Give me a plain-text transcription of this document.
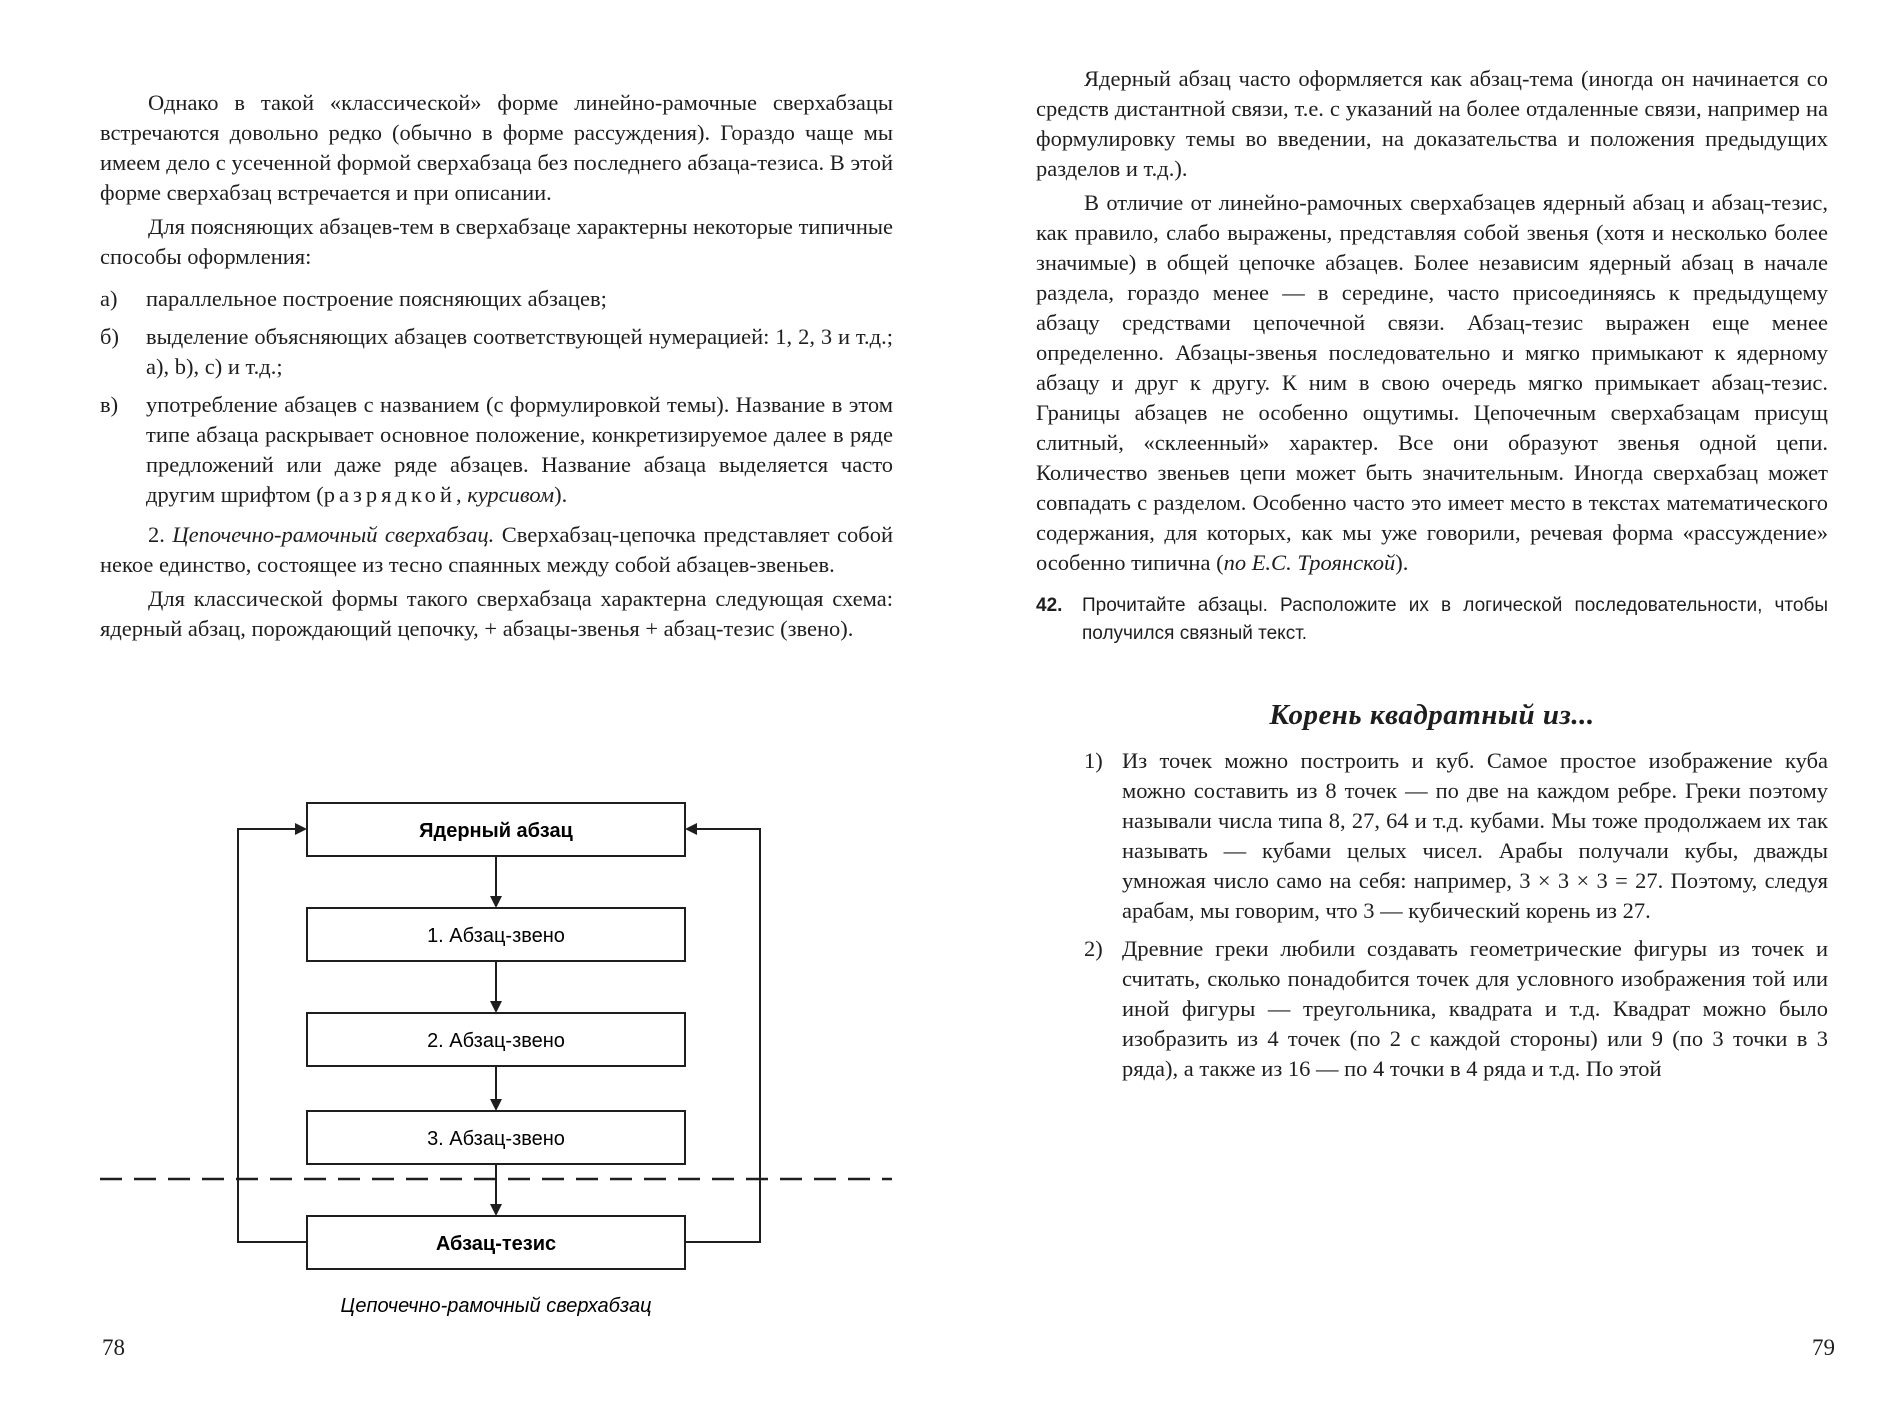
Однако в такой «классической» форме линейно-рамочные сверхабзацы встречаются довольно редко (обычно в форме рассуждения). Гораздо чаще мы имеем дело с усеченной формой сверхабзаца без последнего абзаца-тезиса. В этой форме сверхабзац встречается и при описании.

Для поясняющих абзацев-тем в сверхабзаце характерны некоторые типичные способы оформления:

а) параллельное построение поясняющих абзацев;
б) выделение объясняющих абзацев соответствующей нумерацией: 1, 2, 3 и т.д.; а), b), с) и т.д.;
в) употребление абзацев с названием (с формулировкой темы). Название в этом типе абзаца раскрывает основное положение, конкретизируемое далее в ряде предложений или даже ряде абзацев. Название абзаца выделяется часто другим шрифтом (разрядкой, курсивом).

2. Цепочечно-рамочный сверхабзац. Сверхабзац-цепочка представляет собой некое единство, состоящее из тесно спаянных между собой абзацев-звеньев.

Для классической формы такого сверхабзаца характерна следующая схема: ядерный абзац, порождающий цепочку, + абзацы-звенья + абзац-тезис (звено).

Ядерный абзац
1. Абзац-звено
2. Абзац-звено
3. Абзац-звено
Абзац-тезис
Цепочечно-рамочный сверхабзац
78

Ядерный абзац часто оформляется как абзац-тема (иногда он начинается со средств дистантной связи, т.е. с указаний на более отдаленные связи, например на формулировку темы во введении, на доказательства и положения предыдущих разделов и т.д.).

В отличие от линейно-рамочных сверхабзацев ядерный абзац и абзац-тезис, как правило, слабо выражены, представляя собой звенья (хотя и несколько более значимые) в общей цепочке абзацев. Более независим ядерный абзац в начале раздела, гораздо менее — в середине, часто присоединяясь к предыдущему абзацу средствами цепочечной связи. Абзац-тезис выражен еще менее определенно. Абзацы-звенья последовательно и мягко примыкают к ядерному абзацу и друг к другу. К ним в свою очередь мягко примыкает абзац-тезис. Границы абзацев не особенно ощутимы. Цепочечным сверхабзацам присущ слитный, «склеенный» характер. Все они образуют звенья одной цепи. Количество звеньев цепи может быть значительным. Иногда сверхабзац может совпадать с разделом. Особенно часто это имеет место в текстах математического содержания, для которых, как мы уже говорили, речевая форма «рассуждение» особенно типична (по Е.С. Троянской).

42. Прочитайте абзацы. Расположите их в логической последовательности, чтобы получился связный текст.

Корень квадратный из...
1) Из точек можно построить и куб. Самое простое изображение куба можно составить из 8 точек — по две на каждом ребре. Греки поэтому называли числа типа 8, 27, 64 и т.д. кубами. Мы тоже продолжаем их так называть — кубами целых чисел. Арабы получали кубы, дважды умножая число само на себя: например, 3 × 3 × 3 = 27. Поэтому, следуя арабам, мы говорим, что 3 — кубический корень из 27.
2) Древние греки любили создавать геометрические фигуры из точек и считать, сколько понадобится точек для условного изображения той или иной фигуры — треугольника, квадрата и т.д. Квадрат можно было изобразить из 4 точек (по 2 с каждой стороны) или 9 (по 3 точки в 3 ряда), а также из 16 — по 4 точки в 4 ряда и т.д. По этой
79
